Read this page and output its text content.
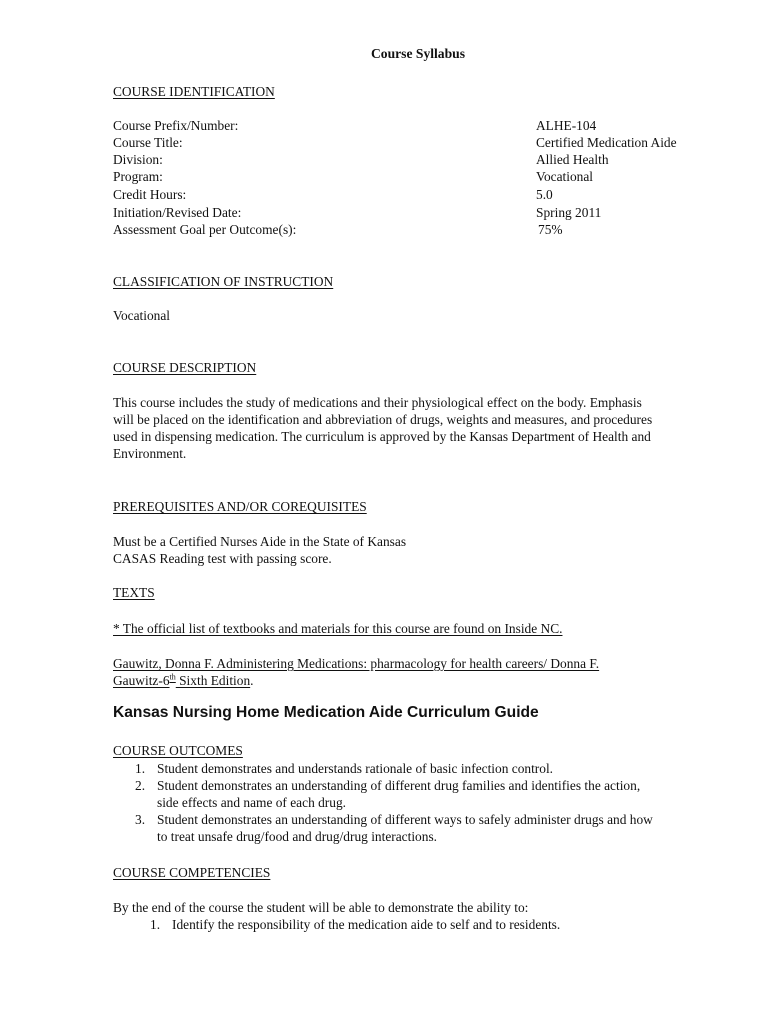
Course Syllabus
COURSE IDENTIFICATION
Course Prefix/Number:	ALHE-104
Course Title:	Certified Medication Aide
Division:	Allied Health
Program:	Vocational
Credit Hours:	5.0
Initiation/Revised Date:	Spring 2011
Assessment Goal per Outcome(s):	75%
CLASSIFICATION OF INSTRUCTION
Vocational
COURSE DESCRIPTION
This course includes the study of medications and their physiological effect on the body. Emphasis
will be placed on the identification and abbreviation of drugs, weights and measures, and procedures
used in dispensing medication. The curriculum is approved by the Kansas Department of Health and
Environment.
PREREQUISITES AND/OR COREQUISITES
Must be a Certified Nurses Aide in the State of Kansas
CASAS Reading test with passing score.
TEXTS
* The official list of textbooks and materials for this course are found on Inside NC.
Gauwitz, Donna F. Administering Medications: pharmacology for health careers/ Donna F.
Gauwitz-6th Sixth Edition.
Kansas Nursing Home Medication Aide Curriculum Guide
COURSE OUTCOMES
1. Student demonstrates and understands rationale of basic infection control.
2. Student demonstrates an understanding of different drug families and identifies the action,
side effects and name of each drug.
3. Student demonstrates an understanding of different ways to safely administer drugs and how
to treat unsafe drug/food and drug/drug interactions.
COURSE COMPETENCIES
By the end of the course the student will be able to demonstrate the ability to:
1. Identify the responsibility of the medication aide to self and to residents.
